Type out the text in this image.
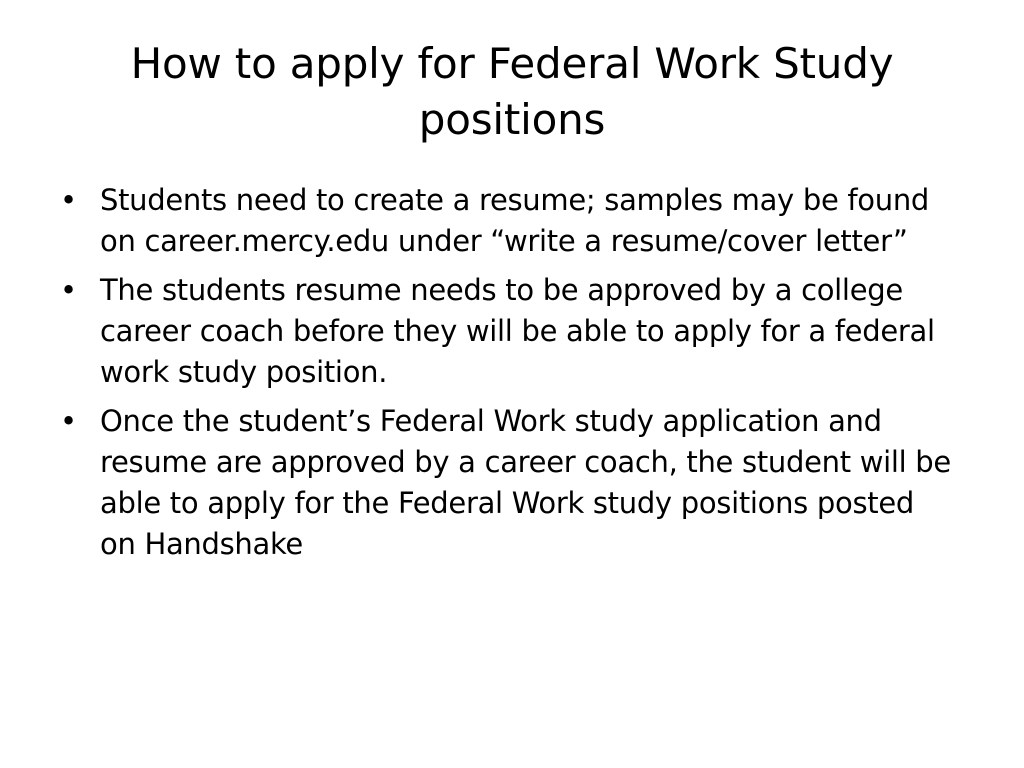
How to apply for Federal Work Study positions
• Students need to create a resume; samples may be found on career.mercy.edu under “write a resume/cover letter”
• The students resume needs to be approved by a college career coach before they will be able to apply for a federal work study position.
• Once the student’s Federal Work study application and resume are approved by a career coach, the student will be able to apply for the Federal Work study positions posted on Handshake
